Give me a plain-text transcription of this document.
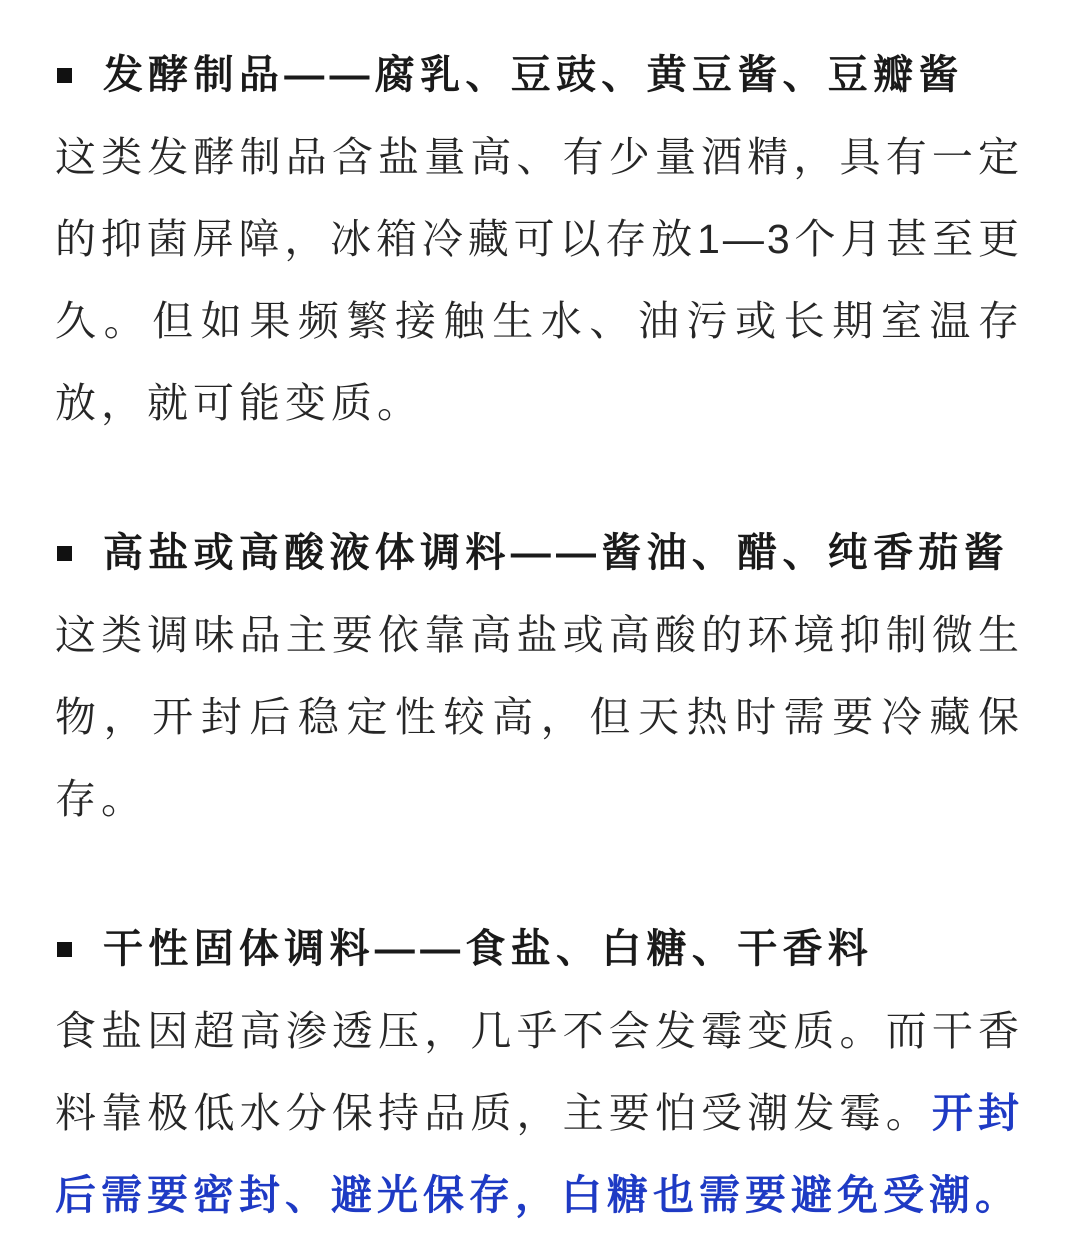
发酵制品——腐乳、豆豉、黄豆酱、豆瓣酱
这类发酵制品含盐量高、有少量酒精，具有一定
的抑菌屏障，冰箱冷藏可以存放1—3个月甚至更
久。但如果频繁接触生水、油污或长期室温存
放，就可能变质。
高盐或高酸液体调料——酱油、醋、纯香茄酱
这类调味品主要依靠高盐或高酸的环境抑制微生
物，开封后稳定性较高，但天热时需要冷藏保
存。
干性固体调料——食盐、白糖、干香料
食盐因超高渗透压，几乎不会发霉变质。而干香
料靠极低水分保持品质，主要怕受潮发霉。开封
后需要密封、避光保存，白糖也需要避免受潮。
